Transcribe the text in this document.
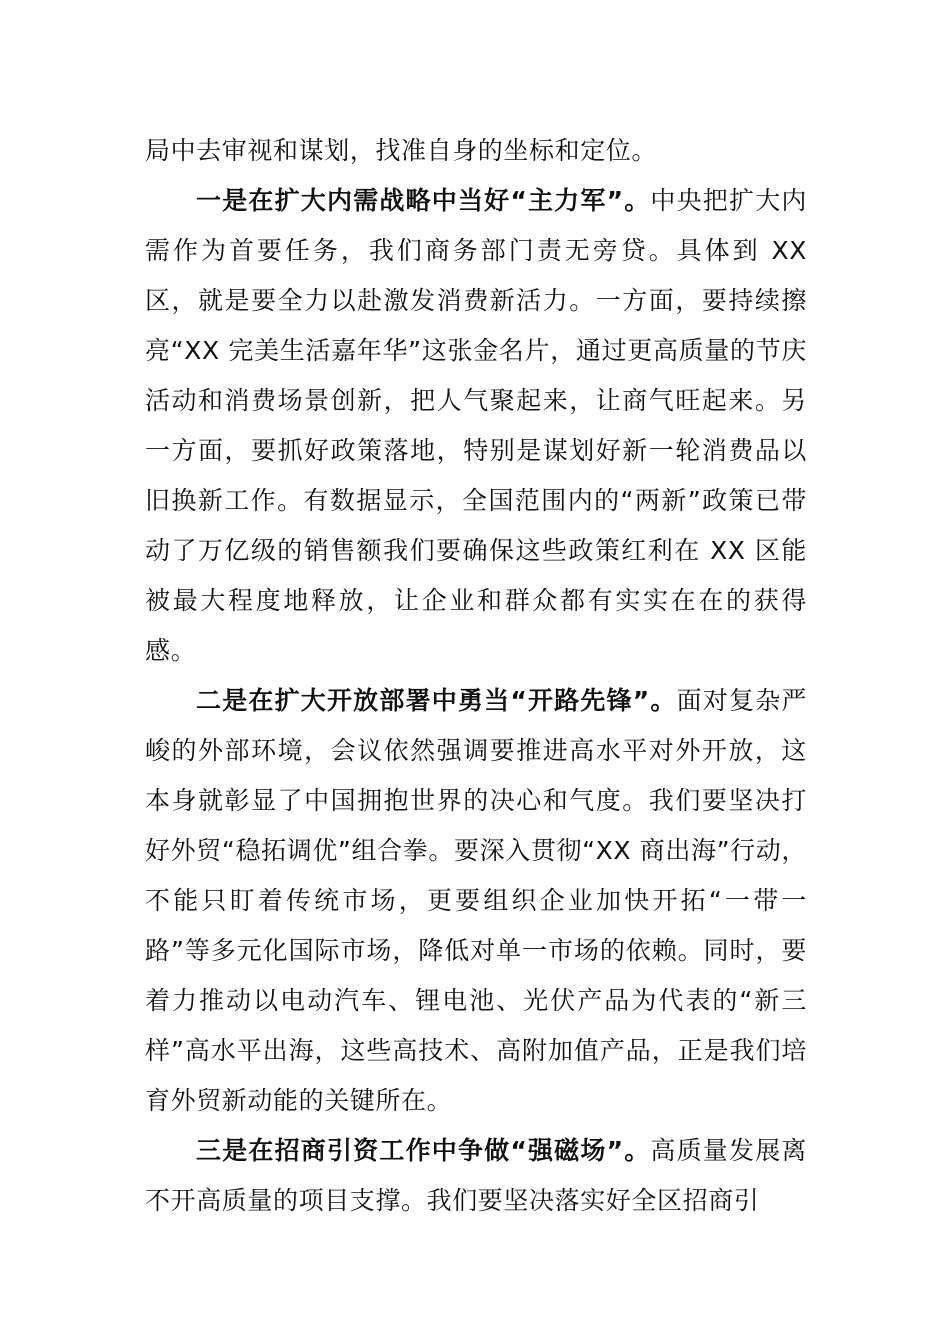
局中去审视和谋划，找准自身的坐标和定位。

一是在扩大内需战略中当好“主力军”。中央把扩大内需作为首要任务，我们商务部门责无旁贷。具体到 XX 区，就是要全力以赴激发消费新活力。一方面，要持续擦亮“XX 完美生活嘉年华”这张金名片，通过更高质量的节庆活动和消费场景创新，把人气聚起来，让商气旺起来。另一方面，要抓好政策落地，特别是谋划好新一轮消费品以旧换新工作。有数据显示，全国范围内的“两新”政策已带动了万亿级的销售额我们要确保这些政策红利在 XX 区能被最大程度地释放，让企业和群众都有实实在在的获得感。

二是在扩大开放部署中勇当“开路先锋”。面对复杂严峻的外部环境，会议依然强调要推进高水平对外开放，这本身就彰显了中国拥抱世界的决心和气度。我们要坚决打好外贸“稳拓调优”组合拳。要深入贯彻“XX 商出海”行动，不能只盯着传统市场，更要组织企业加快开拓“一带一路”等多元化国际市场，降低对单一市场的依赖。同时，要着力推动以电动汽车、锂电池、光伏产品为代表的“新三样”高水平出海，这些高技术、高附加值产品，正是我们培育外贸新动能的关键所在。

三是在招商引资工作中争做“强磁场”。高质量发展离不开高质量的项目支撑。我们要坚决落实好全区招商引
